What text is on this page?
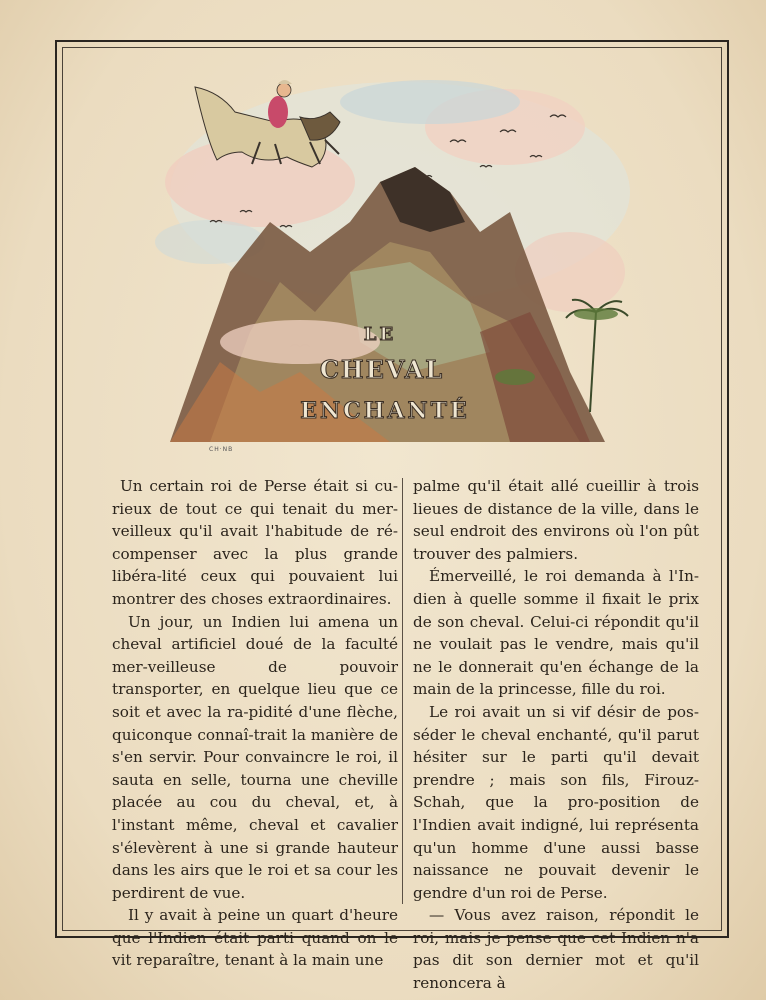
LE
CHEVAL
ENCHANTÉ
CH·NB

Un certain roi de Perse était si cu-rieux de tout ce qui tenait du mer-veilleux qu'il avait l'habitude de ré-compenser avec la plus grande libéra-lité ceux qui pouvaient lui montrer des choses extraordinaires.

Un jour, un Indien lui amena un cheval artificiel doué de la faculté mer-veilleuse de pouvoir transporter, en quelque lieu que ce soit et avec la ra-pidité d'une flèche, quiconque connaî-trait la manière de s'en servir. Pour convaincre le roi, il sauta en selle, tourna une cheville placée au cou du cheval, et, à l'instant même, cheval et cavalier s'élevèrent à une si grande hauteur dans les airs que le roi et sa cour les perdirent de vue.

Il y avait à peine un quart d'heure que l'Indien était parti quand on le vit reparaître, tenant à la main une

palme qu'il était allé cueillir à trois lieues de distance de la ville, dans le seul endroit des environs où l'on pût trouver des palmiers.

Émerveillé, le roi demanda à l'In-dien à quelle somme il fixait le prix de son cheval. Celui-ci répondit qu'il ne voulait pas le vendre, mais qu'il ne le donnerait qu'en échange de la main de la princesse, fille du roi.

Le roi avait un si vif désir de pos-séder le cheval enchanté, qu'il parut hésiter sur le parti qu'il devait prendre ; mais son fils, Firouz-Schah, que la pro-position de l'Indien avait indigné, lui représenta qu'un homme d'une aussi basse naissance ne pouvait devenir le gendre d'un roi de Perse.

— Vous avez raison, répondit le roi, mais je pense que cet Indien n'a pas dit son dernier mot et qu'il renoncera à
